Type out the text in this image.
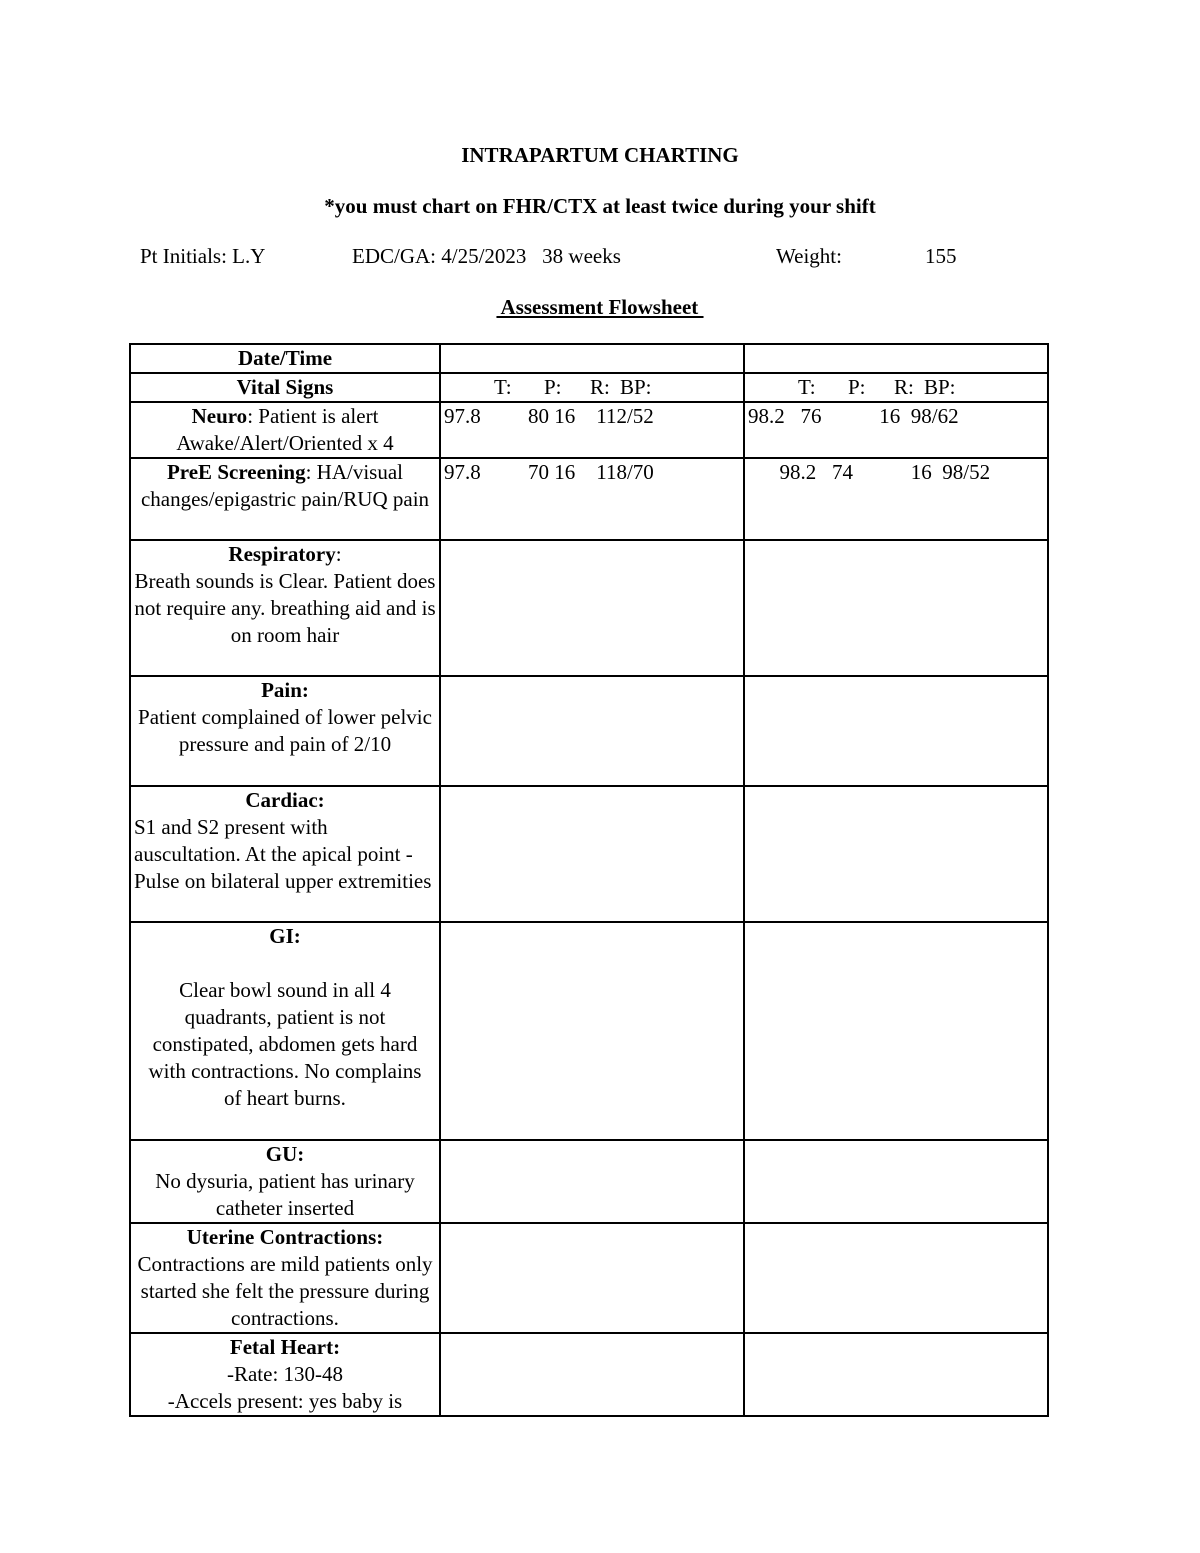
INTRAPARTUM CHARTING
*you must chart on FHR/CTX at least twice during your shift
Pt Initials: L.Y	EDC/GA: 4/25/2023   38 weeks	Weight:	155
Assessment Flowsheet
Date/Time		
Vital Signs	T: P: R: BP:	T: P: R: BP:

Neuro: Patient is alert Awake/Alert/Oriented x 4	97.8         80 16    112/52	98.2   76           16  98/62
PreE Screening: HA/visual changes/epigastric pain/RUQ pain	97.8         70 16    118/70	98.2   74           16  98/52
Respiratory:
Breath sounds is Clear. Patient does not require any. breathing aid and is on room hair		

Pain:
Patient complained of lower pelvic pressure and pain of 2/10		

Cardiac:
S1 and S2 present with auscultation. At the apical point -Pulse on bilateral upper extremities		

GI:
Clear bowl sound in all 4 quadrants, patient is not constipated, abdomen gets hard with contractions. No complains of heart burns.		

GU:
No dysuria, patient has urinary catheter inserted		

Uterine Contractions:
Contractions are mild patients only started she felt the pressure during contractions.		

Fetal Heart:
-Rate: 130-48
-Accels present: yes baby is		
